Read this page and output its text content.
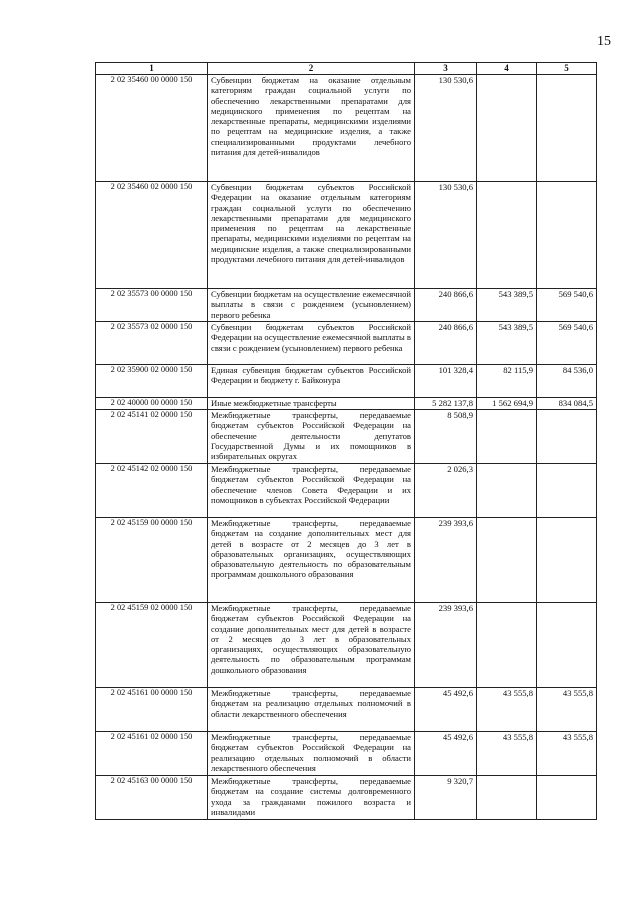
15
1	2	3	4	5
2 02 35460 00 0000 150	Субвенции бюджетам на оказание отдельным категориям граждан социальной услуги по обеспечению лекарственными препаратами для медицинского применения по рецептам на лекарственные препараты, медицинскими изделиями по рецептам на медицинские изделия, а также специализированными продуктами лечебного питания для детей-инвалидов	130 530,6		
2 02 35460 02 0000 150	Субвенции бюджетам субъектов Российской Федерации на оказание отдельным категориям граждан социальной услуги по обеспечению лекарственными препаратами для медицинского применения по рецептам на лекарственные препараты, медицинскими изделиями по рецептам на медицинские изделия, а также специализированными продуктами лечебного питания для детей-инвалидов	130 530,6		
2 02 35573 00 0000 150	Субвенции бюджетам на осуществление ежемесячной выплаты в связи с рождением (усыновлением) первого ребенка	240 866,6	543 389,5	569 540,6
2 02 35573 02 0000 150	Субвенции бюджетам субъектов Российской Федерации на осуществление ежемесячной выплаты в связи с рождением (усыновлением) первого ребенка	240 866,6	543 389,5	569 540,6
2 02 35900 02 0000 150	Единая субвенция бюджетам субъектов Российской Федерации и бюджету г. Байконура	101 328,4	82 115,9	84 536,0
2 02 40000 00 0000 150	Иные межбюджетные трансферты	5 282 137,8	1 562 694,9	834 084,5
2 02 45141 02 0000 150	Межбюджетные трансферты, передаваемые бюджетам субъектов Российской Федерации на обеспечение деятельности депутатов Государственной Думы и их помощников в избирательных округах	8 508,9		
2 02 45142 02 0000 150	Межбюджетные трансферты, передаваемые бюджетам субъектов Российской Федерации на обеспечение членов Совета Федерации и их помощников в субъектах Российской Федерации	2 026,3		
2 02 45159 00 0000 150	Межбюджетные трансферты, передаваемые бюджетам на создание дополнительных мест для детей в возрасте от 2 месяцев до 3 лет в образовательных организациях, осуществляющих образовательную деятельность по образовательным программам дошкольного образования	239 393,6		
2 02 45159 02 0000 150	Межбюджетные трансферты, передаваемые бюджетам субъектов Российской Федерации на создание дополнительных мест для детей в возрасте от 2 месяцев до 3 лет в образовательных организациях, осуществляющих образовательную деятельность по образовательным программам дошкольного образования	239 393,6		
2 02 45161 00 0000 150	Межбюджетные трансферты, передаваемые бюджетам на реализацию отдельных полномочий в области лекарственного обеспечения	45 492,6	43 555,8	43 555,8
2 02 45161 02 0000 150	Межбюджетные трансферты, передаваемые бюджетам субъектов Российской Федерации на реализацию отдельных полномочий в области лекарственного обеспечения	45 492,6	43 555,8	43 555,8
2 02 45163 00 0000 150	Межбюджетные трансферты, передаваемые бюджетам на создание системы долговременного ухода за гражданами пожилого возраста и инвалидами	9 320,7		
